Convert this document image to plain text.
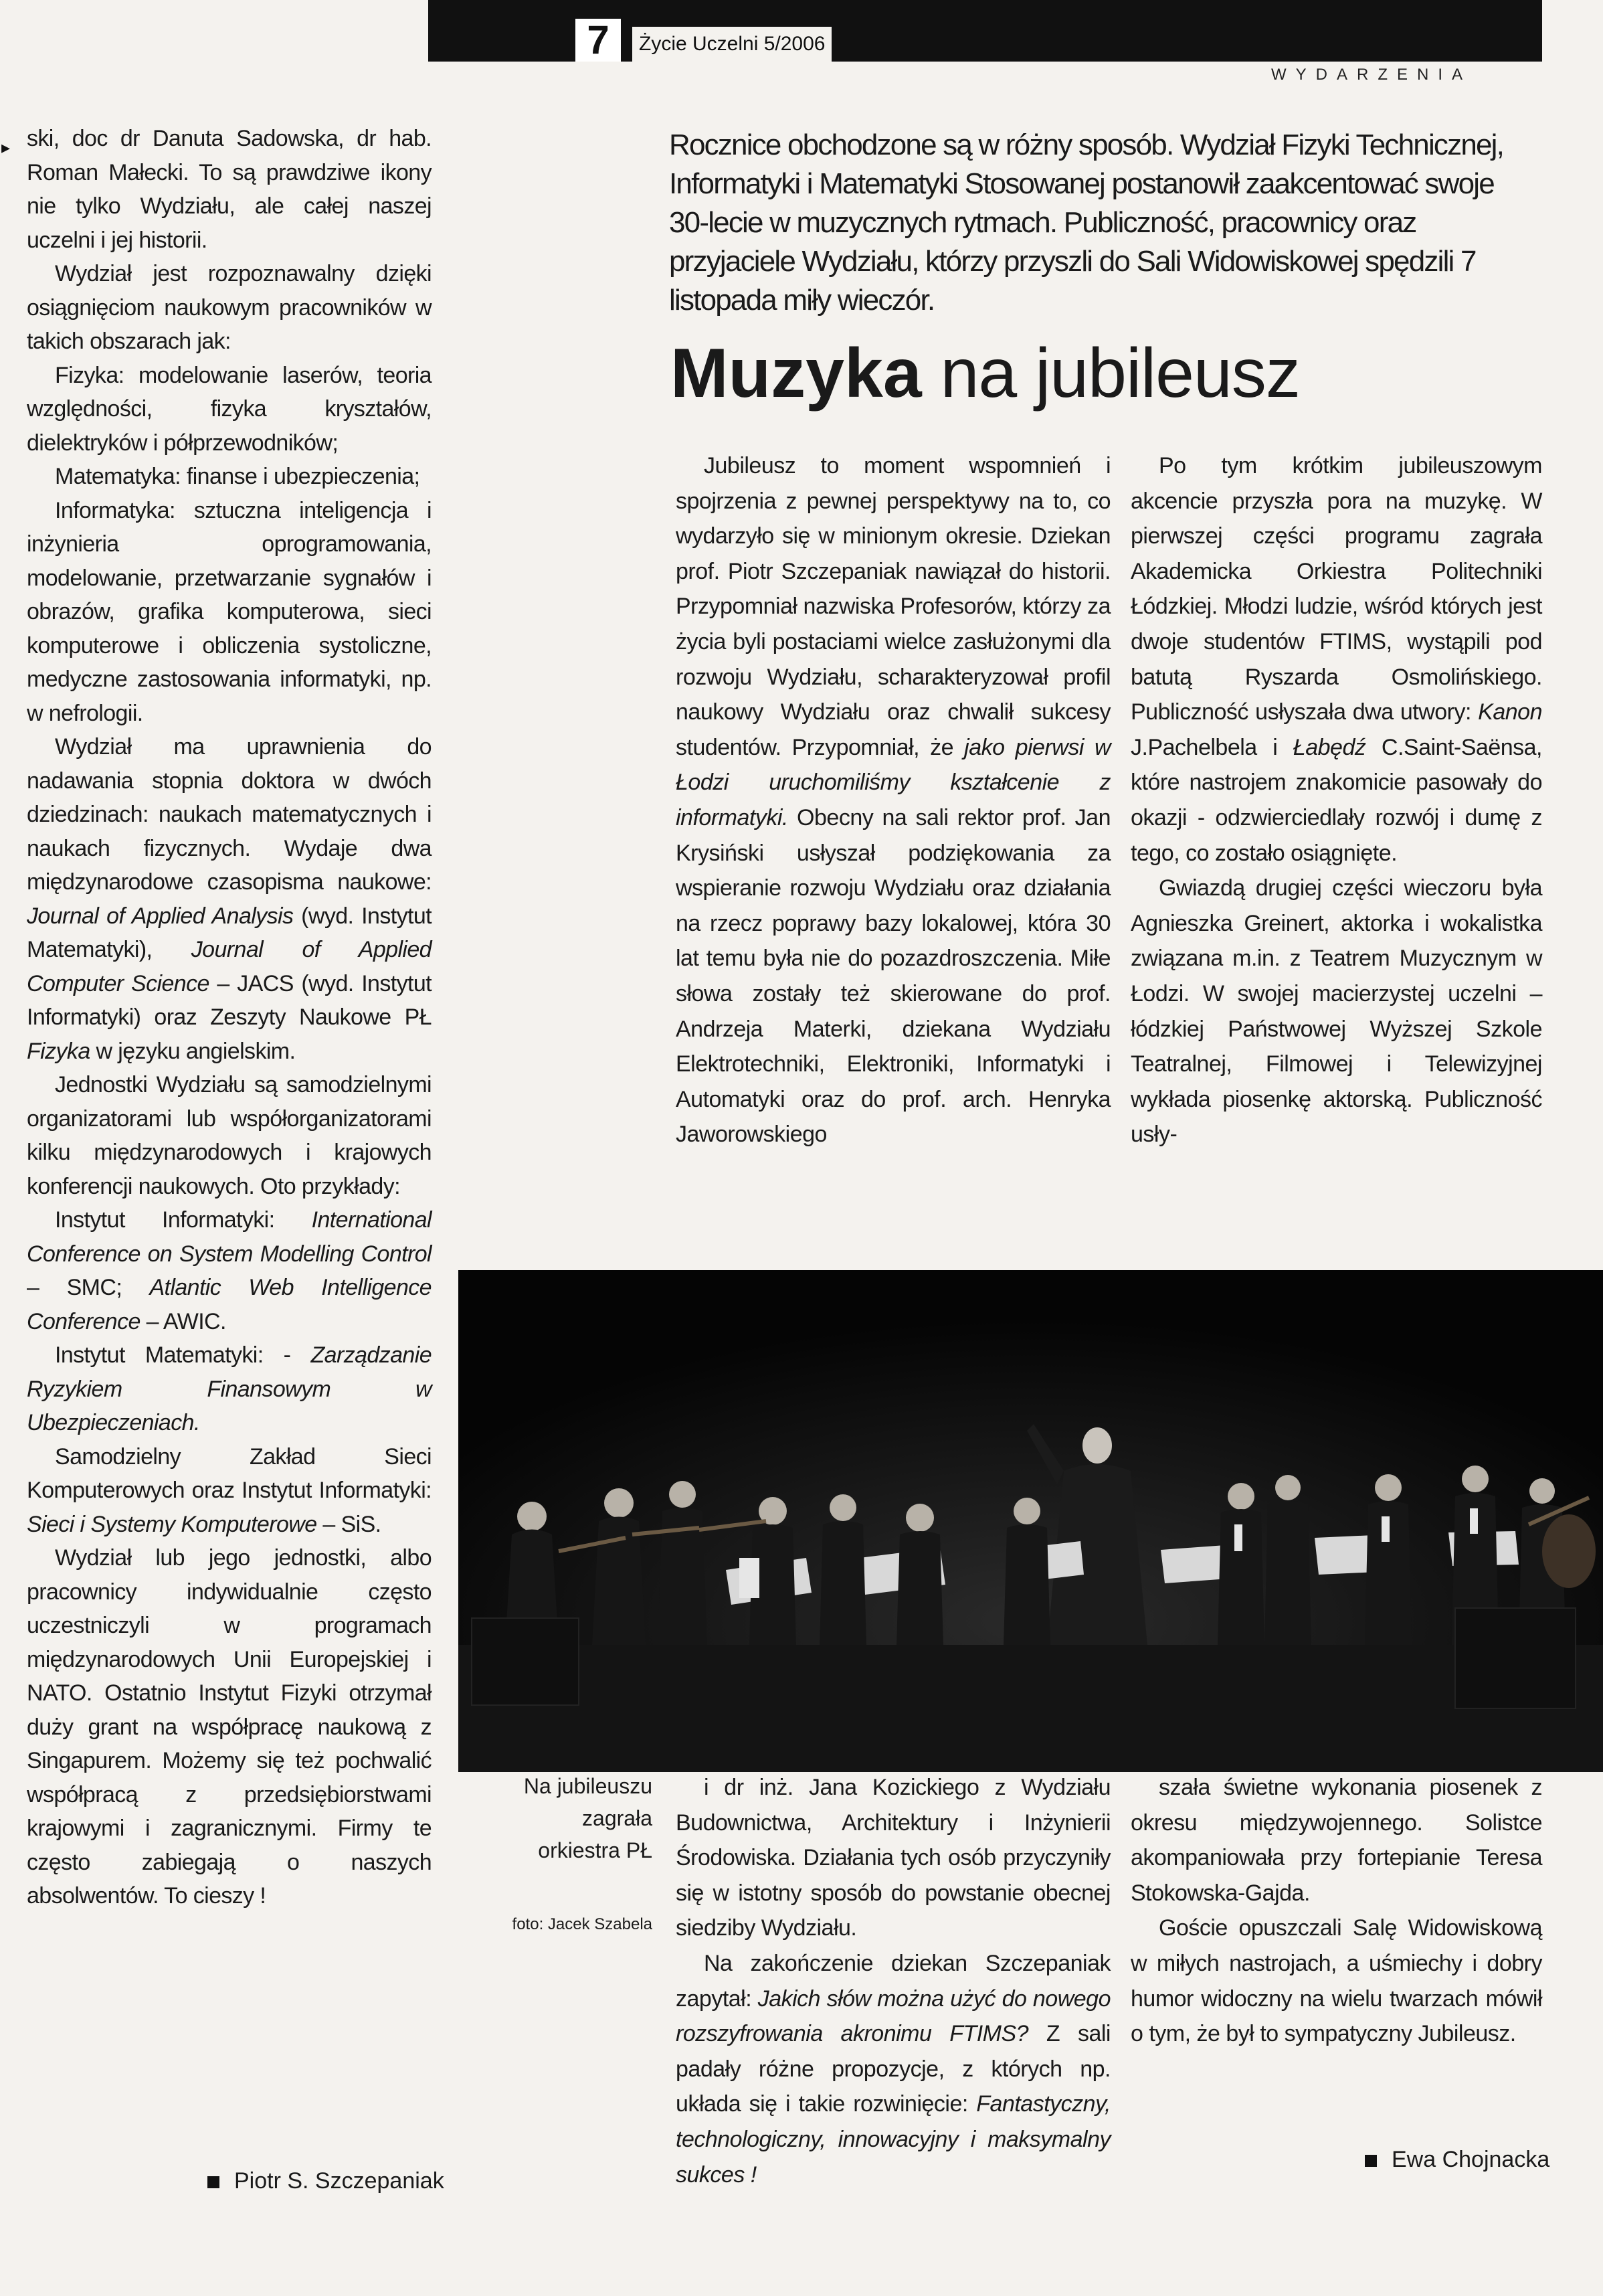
7	Życie Uczelni 5/2006
WYDARZENIA
▸ ski, doc dr Danuta Sadowska, dr hab. Roman Małecki. To są prawdziwe ikony nie tylko Wydziału, ale całej naszej uczelni i jej historii.

Wydział jest rozpoznawalny dzięki osiągnięciom naukowym pracowników w takich obszarach jak:

Fizyka: modelowanie laserów, teoria względności, fizyka kryształów, dielektryków i półprzewodników;

Matematyka: finanse i ubezpieczenia;

Informatyka: sztuczna inteligencja i inżynieria oprogramowania, modelowanie, przetwarzanie sygnałów i obrazów, grafika komputerowa, sieci komputerowe i obliczenia systoliczne, medyczne zastosowania informatyki, np. w nefrologii.

Wydział ma uprawnienia do nadawania stopnia doktora w dwóch dziedzinach: naukach matematycznych i naukach fizycznych. Wydaje dwa międzynarodowe czasopisma naukowe: Journal of Applied Analysis (wyd. Instytut Matematyki), Journal of Applied Computer Science – JACS (wyd. Instytut Informatyki) oraz Zeszyty Naukowe PŁ Fizyka w języku angielskim.

Jednostki Wydziału są samodzielnymi organizatorami lub współorganizatorami kilku międzynarodowych i krajowych konferencji naukowych. Oto przykłady:

Instytut Informatyki: International Conference on System Modelling Control – SMC; Atlantic Web Intelligence Conference – AWIC.

Instytut Matematyki: - Zarządzanie Ryzykiem Finansowym w Ubezpieczeniach.

Samodzielny Zakład Sieci Komputerowych oraz Instytut Informatyki: Sieci i Systemy Komputerowe – SiS.

Wydział lub jego jednostki, albo pracownicy indywidualnie często uczestniczyli w programach międzynarodowych Unii Europejskiej i NATO. Ostatnio Instytut Fizyki otrzymał duży grant na współpracę naukową z Singapurem. Możemy się też pochwalić współpracą z przedsiębiorstwami krajowymi i zagranicznymi. Firmy te często zabiegają o naszych absolwentów. To cieszy !

Piotr S. Szczepaniak

Rocznice obchodzone są w różny sposób. Wydział Fizyki Technicznej, Informatyki i Matematyki Stosowanej postanowił zaakcentować swoje 30-lecie w muzycznych rytmach. Publiczność, pracownicy oraz przyjaciele Wydziału, którzy przyszli do Sali Widowiskowej spędzili 7 listopada miły wieczór.

Muzyka na jubileusz

Jubileusz to moment wspomnień i spojrzenia z pewnej perspektywy na to, co wydarzyło się w minionym okresie. Dziekan prof. Piotr Szczepaniak nawiązał do historii. Przypomniał nazwiska Profesorów, którzy za życia byli postaciami wielce zasłużonymi dla rozwoju Wydziału, scharakteryzował profil naukowy Wydziału oraz chwalił sukcesy studentów. Przypomniał, że jako pierwsi w Łodzi uruchomiliśmy kształcenie z informatyki. Obecny na sali rektor prof. Jan Krysiński usłyszał podziękowania za wspieranie rozwoju Wydziału oraz działania na rzecz poprawy bazy lokalowej, która 30 lat temu była nie do pozazdroszczenia. Miłe słowa zostały też skierowane do prof. Andrzeja Materki, dziekana Wydziału Elektrotechniki, Elektroniki, Informatyki i Automatyki oraz do prof. arch. Henryka Jaworowskiego

Po tym krótkim jubileuszowym akcencie przyszła pora na muzykę. W pierwszej części programu zagrała Akademicka Orkiestra Politechniki Łódzkiej. Młodzi ludzie, wśród których jest dwoje studentów FTIMS, wystąpili pod batutą Ryszarda Osmolińskiego. Publiczność usłyszała dwa utwory: Kanon J.Pachelbela i Łabędź C.Saint-Saënsa, które nastrojem znakomicie pasowały do okazji - odzwierciedlały rozwój i dumę z tego, co zostało osiągnięte.

Gwiazdą drugiej części wieczoru była Agnieszka Greinert, aktorka i wokalistka związana m.in. z Teatrem Muzycznym w Łodzi. W swojej macierzystej uczelni – łódzkiej Państwowej Wyższej Szkole Teatralnej, Filmowej i Telewizyjnej wykłada piosenkę aktorską. Publiczność usły-

Na jubileuszu zagrała orkiestra PŁ
foto: Jacek Szabela

i dr inż. Jana Kozickiego z Wydziału Budownictwa, Architektury i Inżynierii Środowiska. Działania tych osób przyczyniły się w istotny sposób do powstanie obecnej siedziby Wydziału.

Na zakończenie dziekan Szczepaniak zapytał: Jakich słów można użyć do nowego rozszyfrowania akronimu FTIMS? Z sali padały różne propozycje, z których np. układa się i takie rozwinięcie: Fantastyczny, technologiczny, innowacyjny i maksymalny sukces !

szała świetne wykonania piosenek z okresu międzywojennego. Solistce akompaniowała przy fortepianie Teresa Stokowska-Gajda.

Goście opuszczali Salę Widowiskową w miłych nastrojach, a uśmiechy i dobry humor widoczny na wielu twarzach mówił o tym, że był to sympatyczny Jubileusz.

Ewa Chojnacka
